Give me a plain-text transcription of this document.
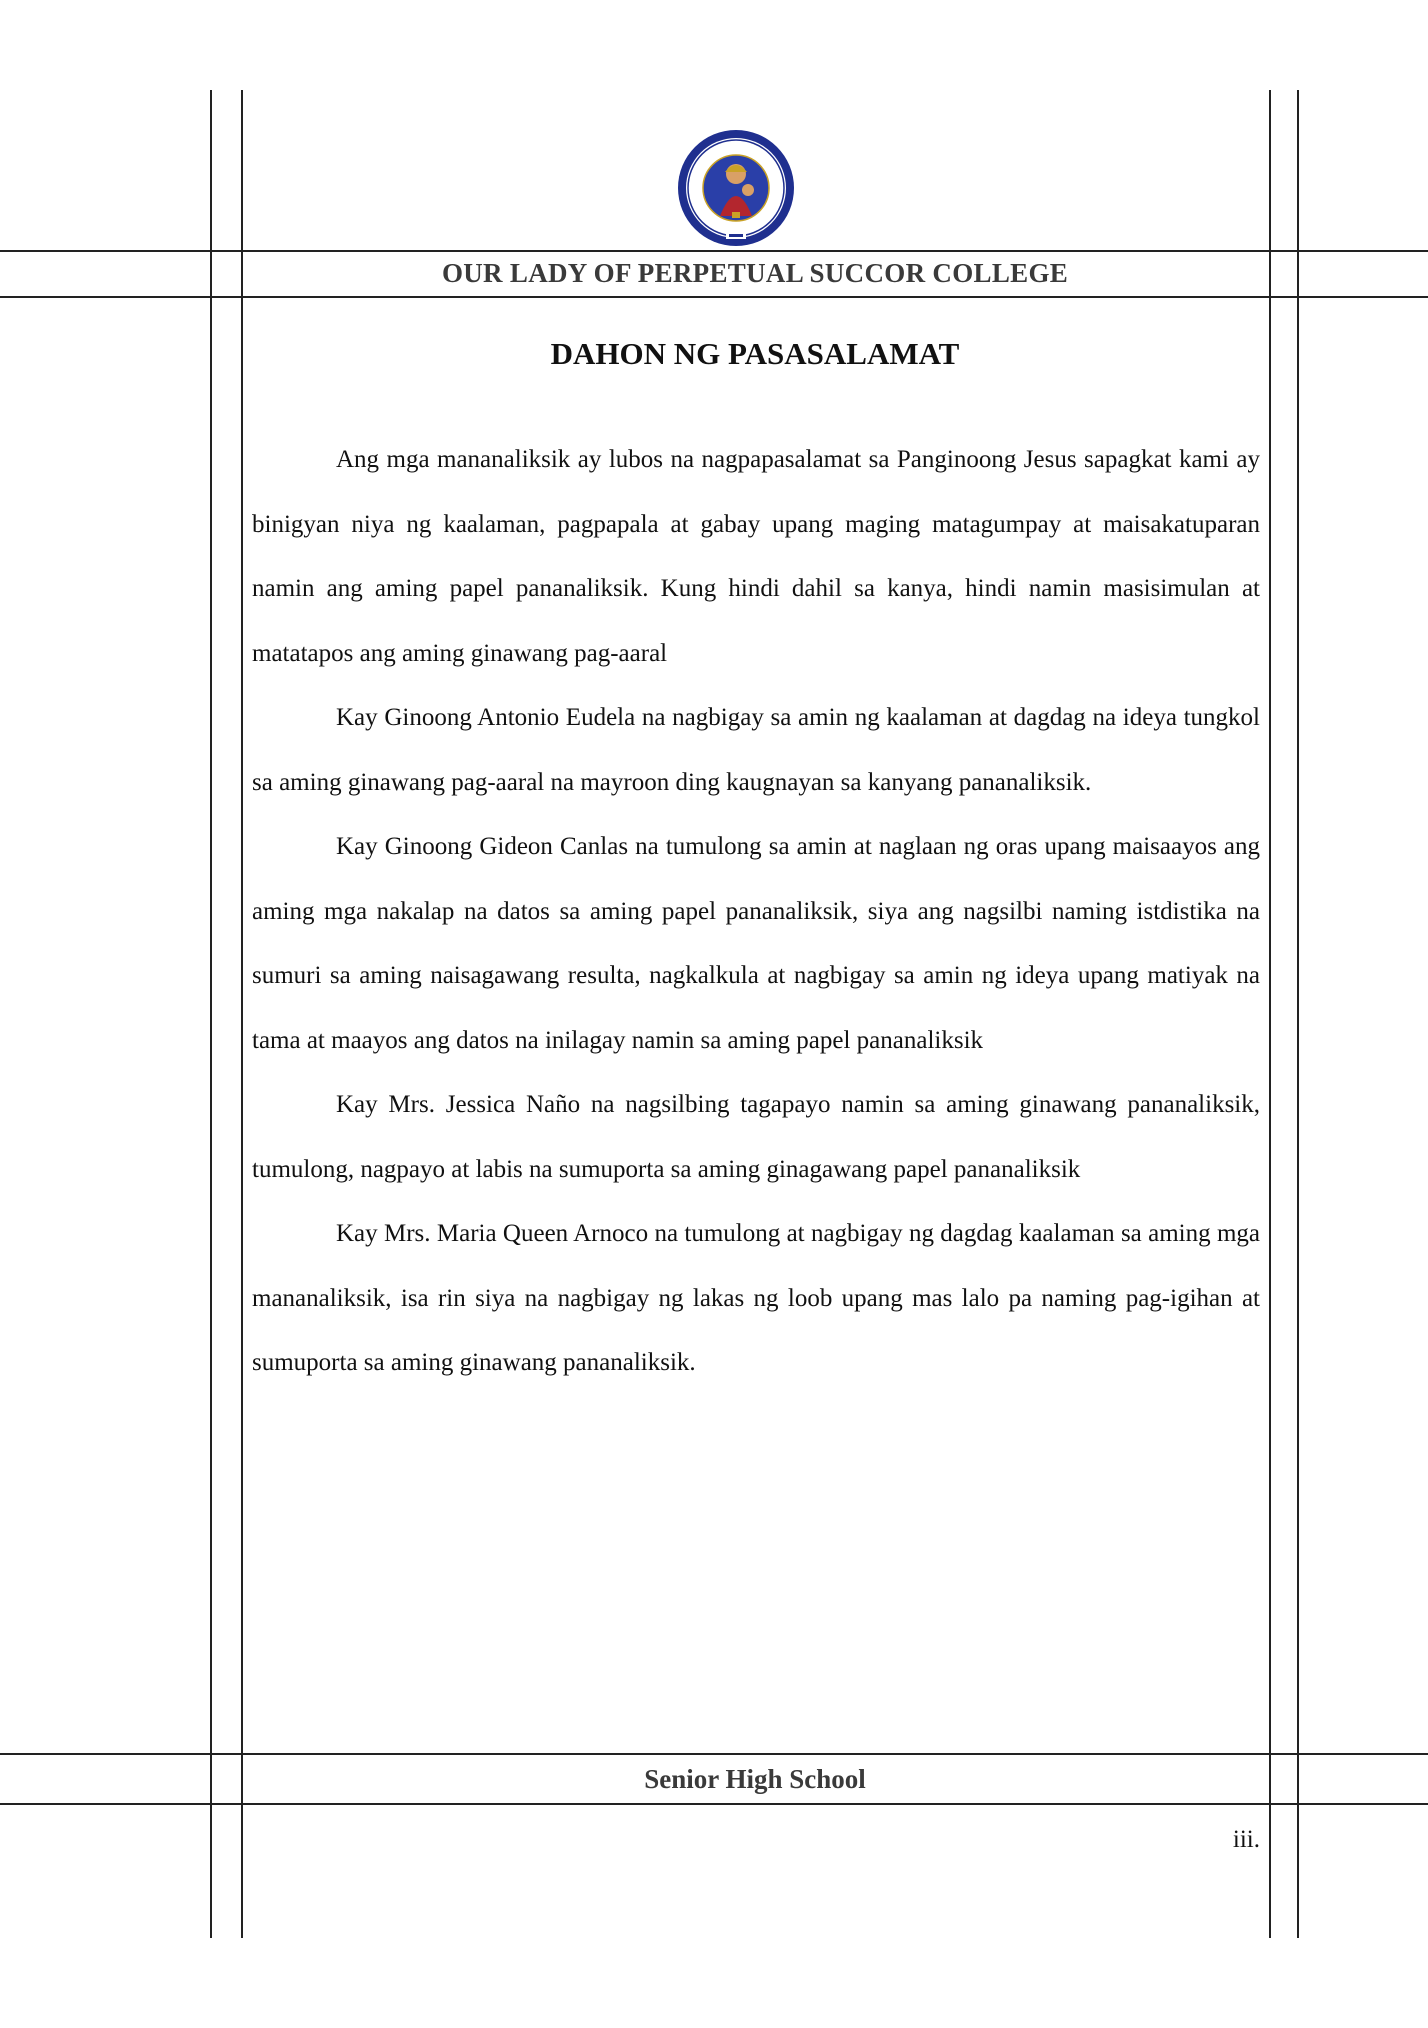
OUR LADY OF PERPETUAL SUCCOR COLLEGE
DAHON NG PASASALAMAT

Ang mga mananaliksik ay lubos na nagpapasalamat sa Panginoong Jesus sapagkat kami ay binigyan niya ng kaalaman, pagpapala at gabay upang maging matagumpay at maisakatuparan namin ang aming papel pananaliksik. Kung hindi dahil sa kanya, hindi namin masisimulan at matatapos ang aming ginawang pag-aaral

Kay Ginoong Antonio Eudela na nagbigay sa amin ng kaalaman at dagdag na ideya tungkol sa aming ginawang pag-aaral na mayroon ding kaugnayan sa kanyang pananaliksik.

Kay Ginoong Gideon Canlas na tumulong sa amin at naglaan ng oras upang maisaayos ang aming mga nakalap na datos sa aming papel pananaliksik, siya ang nagsilbi naming istdistika na sumuri sa aming naisagawang resulta, nagkalkula at nagbigay sa amin ng ideya upang matiyak na tama at maayos ang datos na inilagay namin sa aming papel pananaliksik

Kay Mrs. Jessica Naño na nagsilbing tagapayo namin sa aming ginawang pananaliksik, tumulong, nagpayo at labis na sumuporta sa aming ginagawang papel pananaliksik

Kay Mrs. Maria Queen Arnoco na tumulong at nagbigay ng dagdag kaalaman sa aming mga mananaliksik, isa rin siya na nagbigay ng lakas ng loob upang mas lalo pa naming pag-igihan at sumuporta sa aming ginawang pananaliksik.

Senior High School
iii.
